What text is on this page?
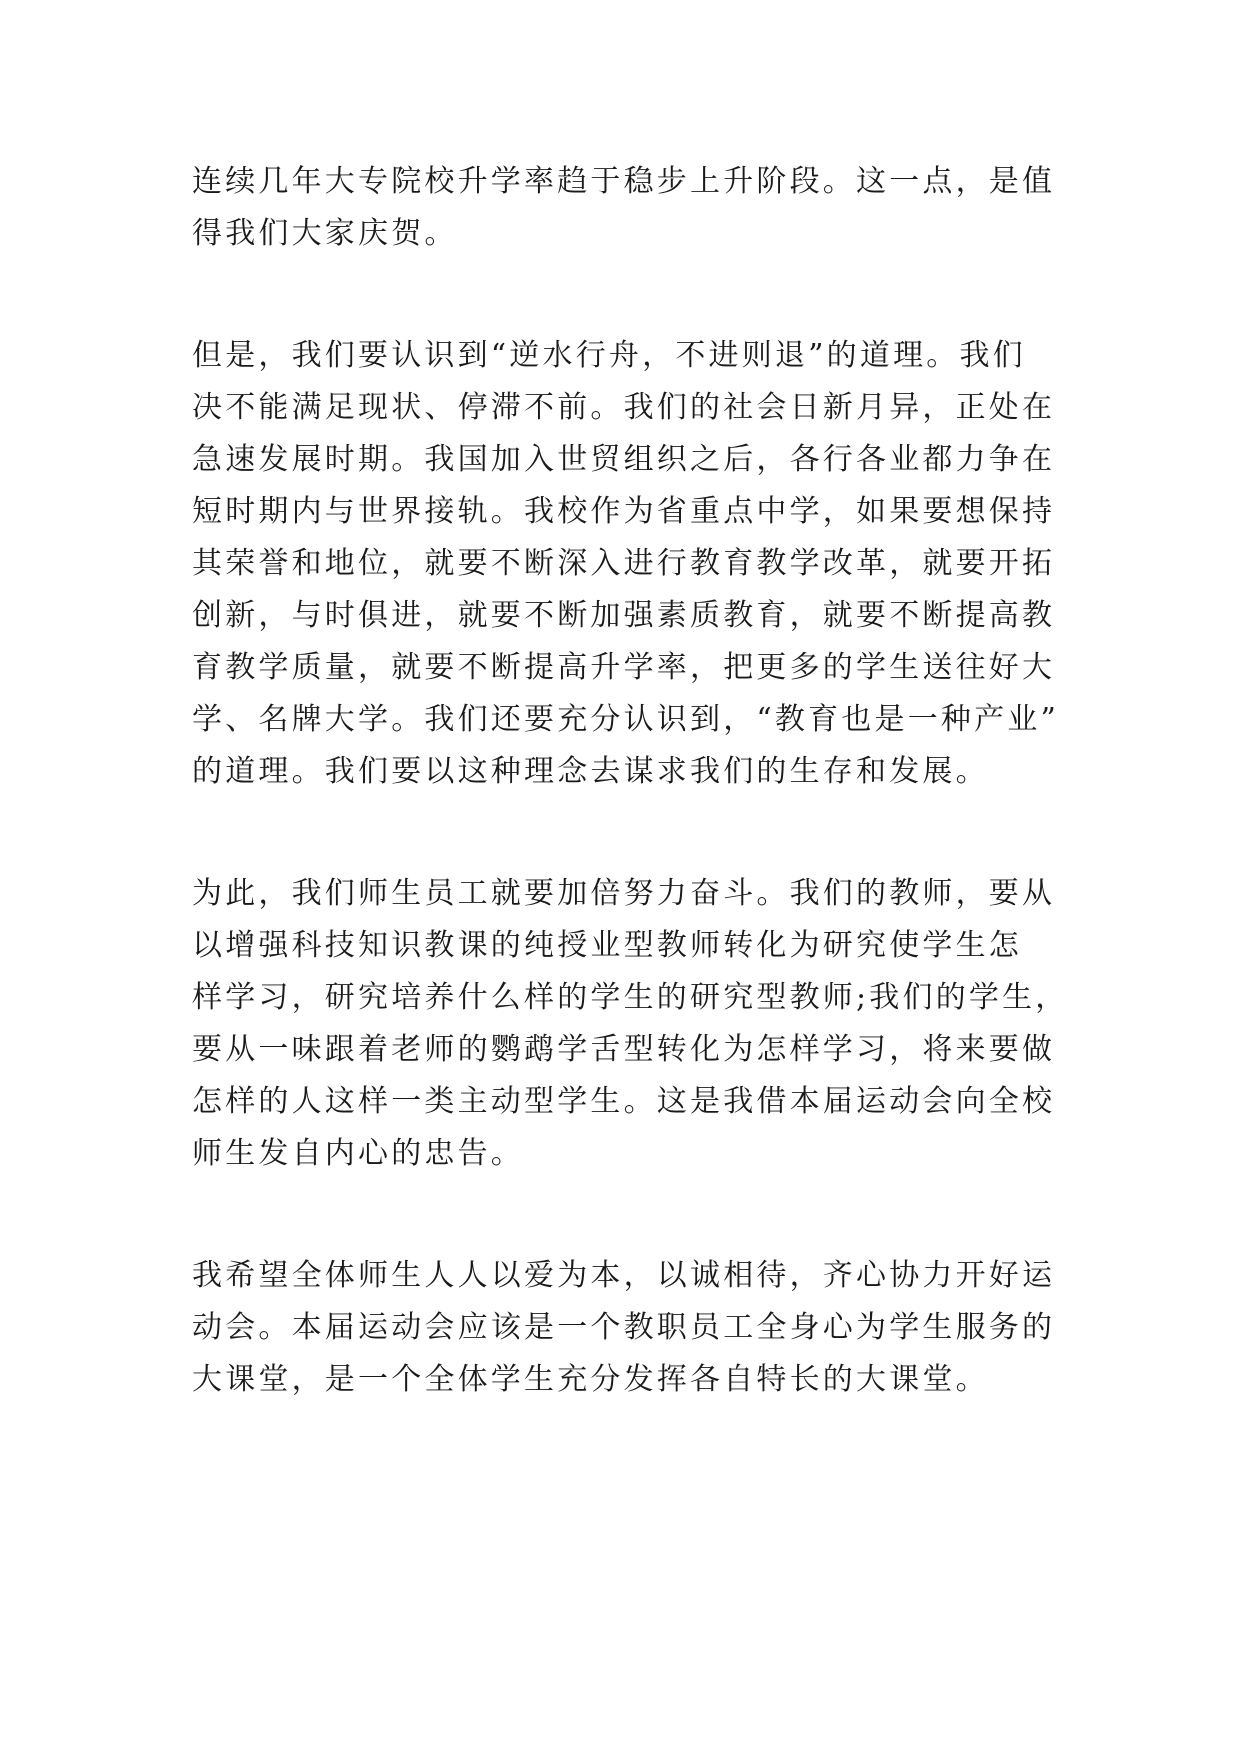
连续几年大专院校升学率趋于稳步上升阶段。这一点，是值
得我们大家庆贺。

但是，我们要认识到“逆水行舟，不进则退”的道理。我们
决不能满足现状、停滞不前。我们的社会日新月异，正处在
急速发展时期。我国加入世贸组织之后，各行各业都力争在
短时期内与世界接轨。我校作为省重点中学，如果要想保持
其荣誉和地位，就要不断深入进行教育教学改革，就要开拓
创新，与时俱进，就要不断加强素质教育，就要不断提高教
育教学质量，就要不断提高升学率，把更多的学生送往好大
学、名牌大学。我们还要充分认识到，“教育也是一种产业”
的道理。我们要以这种理念去谋求我们的生存和发展。

为此，我们师生员工就要加倍努力奋斗。我们的教师，要从
以增强科技知识教课的纯授业型教师转化为研究使学生怎
样学习，研究培养什么样的学生的研究型教师;我们的学生，
要从一味跟着老师的鹦鹉学舌型转化为怎样学习，将来要做
怎样的人这样一类主动型学生。这是我借本届运动会向全校
师生发自内心的忠告。

我希望全体师生人人以爱为本，以诚相待，齐心协力开好运
动会。本届运动会应该是一个教职员工全身心为学生服务的
大课堂，是一个全体学生充分发挥各自特长的大课堂。
